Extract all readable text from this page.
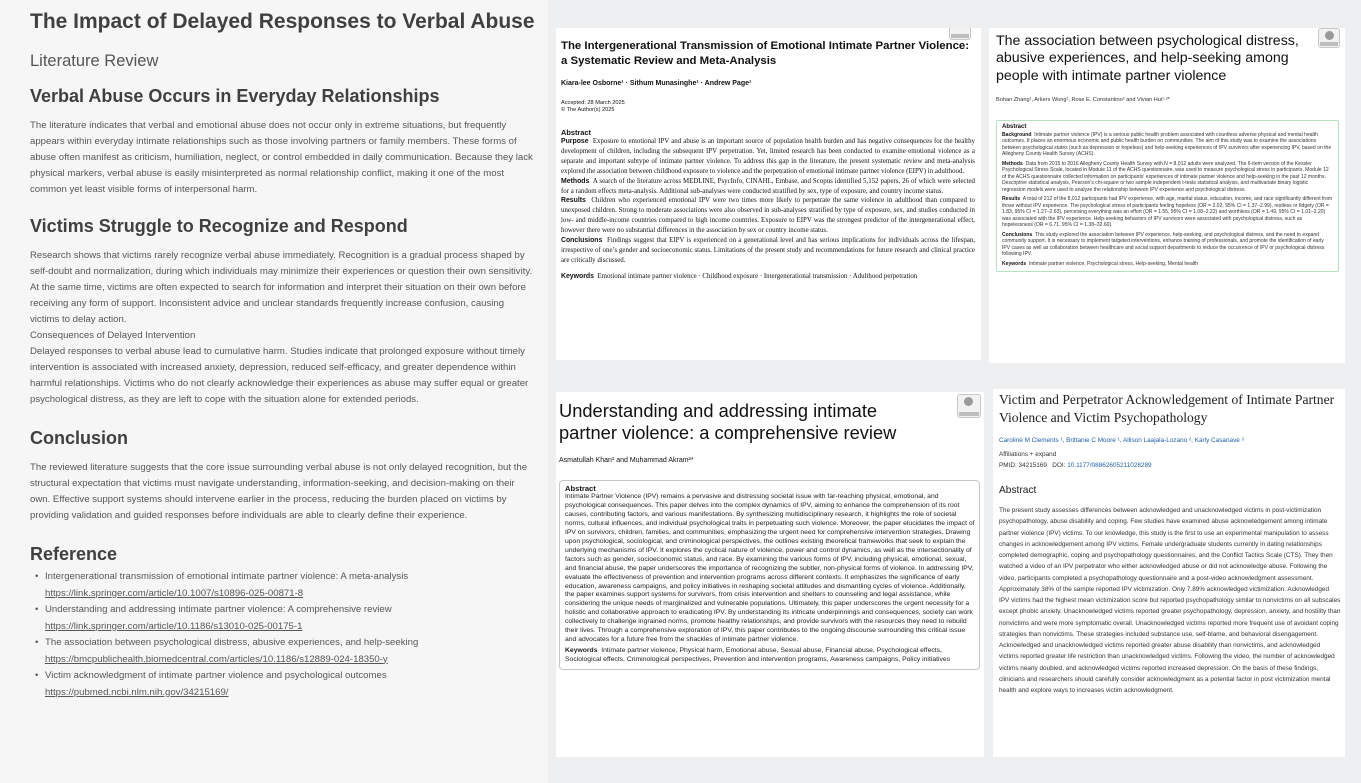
The Impact of Delayed Responses to Verbal Abuse
Literature Review
Verbal Abuse Occurs in Everyday Relationships

The literature indicates that verbal and emotional abuse does not occur only in extreme situations, but frequently appears within everyday intimate relationships such as those involving partners or family members. These forms of abuse often manifest as criticism, humiliation, neglect, or control embedded in daily communication. Because they lack physical markers, verbal abuse is easily misinterpreted as normal relationship conflict, making it one of the most common yet least visible forms of interpersonal harm.

Victims Struggle to Recognize and Respond

Research shows that victims rarely recognize verbal abuse immediately. Recognition is a gradual process shaped by self-doubt and normalization, during which individuals may minimize their experiences or question their own sensitivity. At the same time, victims are often expected to search for information and interpret their situation on their own before receiving any form of support. Inconsistent advice and unclear standards frequently increase confusion, causing victims to delay action.

Consequences of Delayed Intervention

Delayed responses to verbal abuse lead to cumulative harm. Studies indicate that prolonged exposure without timely intervention is associated with increased anxiety, depression, reduced self-efficacy, and greater dependence within harmful relationships. Victims who do not clearly acknowledge their experiences as abuse may suffer equal or greater psychological distress, as they are left to cope with the situation alone for extended periods.

Conclusion

The reviewed literature suggests that the core issue surrounding verbal abuse is not only delayed recognition, but the structural expectation that victims must navigate understanding, information-seeking, and decision-making on their own. Effective support systems should intervene earlier in the process, reducing the burden placed on victims by providing validation and guided responses before individuals are able to clearly define their experience.

Reference
• Intergenerational transmission of emotional intimate partner violence: A meta-analysis
https://link.springer.com/article/10.1007/s10896-025-00871-8
• Understanding and addressing intimate partner violence: A comprehensive review
https://link.springer.com/article/10.1186/s13010-025-00175-1
• The association between psychological distress, abusive experiences, and help-seeking
https://bmcpublichealth.biomedcentral.com/articles/10.1186/s12889-024-18350-y
• Victim acknowledgment of intimate partner violence and psychological outcomes
https://pubmed.ncbi.nlm.nih.gov/34215169/
The Intergenerational Transmission of Emotional Intimate Partner Violence: a Systematic Review and Meta-Analysis
Kiara-lee Osborne¹ · Sithum Munasinghe¹ · Andrew Page¹
Accepted: 28 March 2025
© The Author(s) 2025
Abstract
Purpose Exposure to emotional IPV and abuse is an important source of population health burden and has negative consequences for the healthy development of children, including the subsequent IPV perpetration. Yet, limited research has been conducted to examine emotional violence as a separate and important subtype of intimate partner violence. To address this gap in the literature, the present systematic review and meta-analysis explored the association between childhood exposure to violence and the perpetration of emotional intimate partner violence (EIPV) in adulthood.
Methods A search of the literature across MEDLINE, PsycInfo, CINAHL, Embase, and Scopus identified 5,152 papers, 26 of which were selected for a random effects meta-analysis. Additional sub-analyses were conducted stratified by sex, type of exposure, and country income status.
Results Children who experienced emotional IPV were two times more likely to perpetrate the same violence in adulthood than compared to unexposed children. Strong to moderate associations were also observed in sub-analyses stratified by type of exposure, sex, and studies conducted in low- and middle-income countries compared to high income countries. Exposure to EIPV was the strongest predictor of the intergenerational effect, however there were no substantial differences in the association by sex or country income status.
Conclusions Findings suggest that EIPV is experienced on a generational level and has serious implications for individuals across the lifespan, irrespective of one’s gender and socioeconomic status. Limitations of the present study and recommendations for future research and clinical practice are critically discussed.
Keywords Emotional intimate partner violence · Childhood exposure · Intergenerational transmission · Adulthood perpetration
The association between psychological distress, abusive experiences, and help-seeking among people with intimate partner violence
Bohan Zhang¹, Arkers Wong¹, Rose E. Constantino² and Vivian Hui¹·²*
Abstract
Background Intimate partner violence (IPV) is a serious public health problem associated with countless adverse physical and mental health outcomes. It places an enormous economic and public health burden on communities. The aim of this study was to examine the associations between psychological states (such as depression or hopeless) and help-seeking experiences of IPV survivors after experiencing IPV, based on the Allegheny County Health Survey (ACHS).
Methods Data from 2015 to 2016 Allegheny County Health Survey with N = 8,012 adults were analyzed. The 6-item version of the Kessler Psychological Stress Scale, located in Module 11 of the ACHS questionnaire, was used to measure psychological stress in participants. Module 12 of the ACHS questionnaire collected information on participants' experiences of intimate partner violence and help-seeking in the past 12 months. Descriptive statistical analysis, Pearson's chi-square or two sample independent t-tests statistical analysis, and multivariate binary logistic regression models were used to analyze the relationship between IPV experience and psychological distress.
Results A total of 212 of the 8,012 participants had IPV experience, with age, marital status, education, income, and race significantly different from those without IPV experience. The psychological stress of participants feeling hopeless (OR = 2.02, 95% CI = 1.37–2.99), restless or fidgety (OR = 1.83, 95% CI = 1.27–2.63), perceiving everything was an effort (OR = 1.55, 95% CI = 1.08–2.22) and worthless (OR = 1.49, 95% CI = 1.01–2.20) was associated with the IPV experience. Help-seeking behaviors of IPV survivors were associated with psychological distress, such as hopelessness (OR = 6.71, 95% CI = 1.38–32.60).
Conclusions This study explored the association between IPV experience, help-seeking, and psychological distress, and the need to expand community support. It is necessary to implement targeted interventions, enhance training of professionals, and promote the identification of early IPV cases as well as collaboration between healthcare and social support departments to reduce the occurrence of IPV or psychological distress following IPV.
Keywords Intimate partner violence, Psychological stress, Help-seeking, Mental health
Understanding and addressing intimate partner violence: a comprehensive review
Asmatullah Khan¹ and Muhammad Akram²*
Abstract
Intimate Partner Violence (IPV) remains a pervasive and distressing societal issue with far-reaching physical, emotional, and psychological consequences. This paper delves into the complex dynamics of IPV, aiming to enhance the comprehension of its root causes, contributing factors, and various manifestations. By synthesizing multidisciplinary research, it highlights the role of societal norms, cultural influences, and individual psychological traits in perpetuating such violence. Moreover, the paper elucidates the impact of IPV on survivors, children, families, and communities, emphasizing the urgent need for comprehensive intervention strategies. Drawing upon psychological, sociological, and criminological perspectives, the outlines existing theoretical frameworks that seek to explain the underlying mechanisms of IPV. It explores the cyclical nature of violence, power and control dynamics, as well as the intersectionality of factors such as gender, socioeconomic status, and race. By examining the various forms of IPV, including physical, emotional, sexual, and financial abuse, the paper underscores the importance of recognizing the subtler, non-physical forms of violence. In addressing IPV, evaluate the effectiveness of prevention and intervention programs across different contexts. It emphasizes the significance of early education, awareness campaigns, and policy initiatives in reshaping societal attitudes and dismantling cycles of violence. Additionally, the paper examines support systems for survivors, from crisis intervention and shelters to counseling and legal assistance, while considering the unique needs of marginalized and vulnerable populations. Ultimately, this paper underscores the urgent necessity for a holistic and collaborative approach to eradicating IPV. By understanding its intricate underpinnings and consequences, society can work collectively to challenge ingrained norms, promote healthy relationships, and provide survivors with the resources they need to rebuild their lives. Through a comprehensive exploration of IPV, this paper contributes to the ongoing discourse surrounding this critical issue and advocates for a future free from the shackles of intimate partner violence.
Keywords Intimate partner violence, Physical harm, Emotional abuse, Sexual abuse, Financial abuse, Psychological effects, Sociological effects, Criminological perspectives, Prevention and intervention programs, Awareness campaigns, Policy initiatives
Victim and Perpetrator Acknowledgement of Intimate Partner Violence and Victim Psychopathology
Caroline M Clements ¹, Brittanie C Moore ¹, Allison Laajala-Lozano ², Karly Casanave ³
Affiliations + expand
PMID: 34215169 DOI: 10.1177/08862605211028289
Abstract
The present study assesses differences between acknowledged and unacknowledged victims in post-victimization psychopathology, abuse disability and coping. Few studies have examined abuse acknowledgement among intimate partner violence (IPV) victims. To our knowledge, this study is the first to use an experimental manipulation to assess changes in acknowledgement among IPV victims. Female undergraduate students currently in dating relationships completed demographic, coping and psychopathology questionnaires, and the Conflict Tactics Scale (CTS). They then watched a video of an IPV perpetrator who either acknowledged abuse or did not acknowledge abuse. Following the video, participants completed a psychopathology questionnaire and a post-video acknowledgment assessment. Approximately 38% of the sample reported IPV victimization. Only 7.89% acknowledged victimization. Acknowledged IPV victims had the highest mean victimization score but reported psychopathology similar to nonvictims on all subscales except phobic anxiety. Unacknowledged victims reported greater psychopathology, depression, anxiety, and hostility than nonvictims and were more symptomatic overall. Unacknowledged victims reported more frequent use of avoidant coping strategies than nonvictims. These strategies included substance use, self-blame, and behavioral disengagement. Acknowledged and unacknowledged victims reported greater abuse disability than nonvictims, and acknowledged victims reported greater life restriction than unacknowledged victims. Following the video, the number of acknowledged victims nearly doubled, and acknowledged victims reported increased depression. On the basis of these findings, clinicians and researchers should carefully consider acknowledgment as a potential factor in post victimization mental health and explore ways to increases victim acknowledgment.
